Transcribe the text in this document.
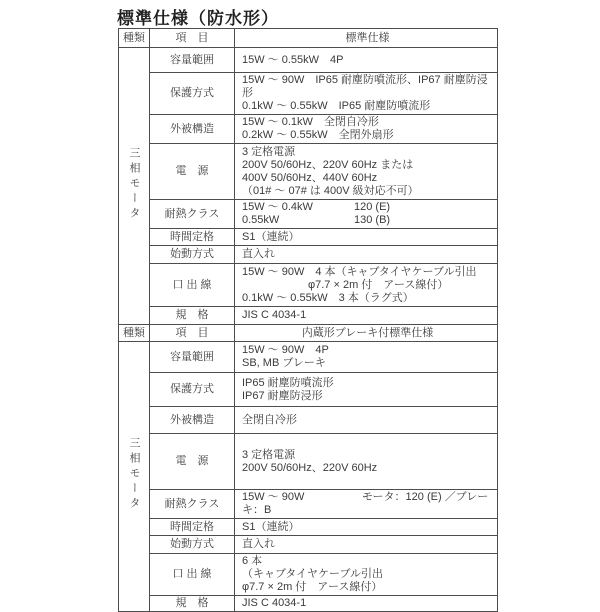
標準仕様（防水形）
種類	項　目	標準仕様
三相モータ	容量範囲	15W ～ 0.55kW　4P

	保護方式	15W ～ 90W　IP65 耐塵防噴流形、IP67 耐塵防浸形
0.1kW ～ 0.55kW　IP65 耐塵防噴流形

	外被構造	15W ～ 0.1kW　全閉自冷形
0.2kW ～ 0.55kW　全閉外扇形

	電　源	3 定格電源
200V 50/60Hz、220V 60Hz または
400V 50/60Hz、440V 60Hz
（01# ～ 07# は 400V 級対応不可）

	耐熱クラス	15W ～ 0.4kW 120 (E)
0.55kW 130 (B)

	時間定格	S1（連続）

	始動方式	直入れ

	口 出 線	15W ～ 90W　4 本（キャブタイヤケーブル引出
　　　　　　φ7.7 × 2m 付　アース線付）
0.1kW ～ 0.55kW　3 本（ラグ式）

	規　格	JIS C 4034-1

種類	項　目	内蔵形ブレーキ付標準仕様
三相モータ	容量範囲	15W ～ 90W　4P
SB, MB ブレーキ

	保護方式	IP65 耐塵防噴流形
IP67 耐塵防浸形

	外被構造	全閉自冷形

	電　源	3 定格電源
200V 50/60Hz、220V 60Hz

	耐熱クラス	15W ～ 90W モータ：120 (E) ／ブレーキ：B

	時間定格	S1（連続）

	始動方式	直入れ

	口 出 線	6 本
（キャブタイヤケーブル引出
φ7.7 × 2m 付　アース線付）

	規　格	JIS C 4034-1
